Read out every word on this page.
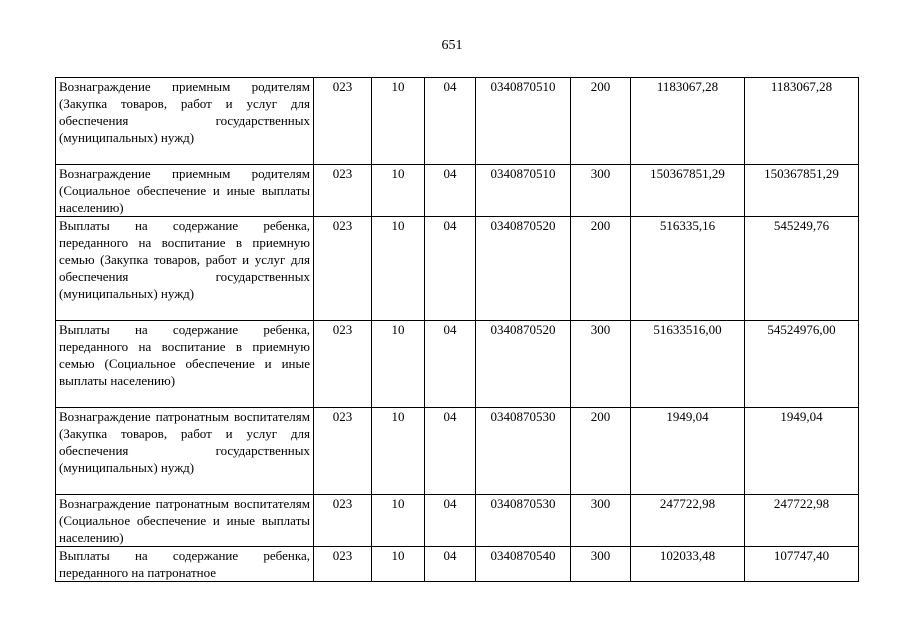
651
Вознаграждение приемным родителям (Закупка товаров, работ и услуг для обеспечения государственных (муниципальных) нужд)	023	10	04	0340870510	200	1183067,28	1183067,28
Вознаграждение приемным родителям (Социальное обеспечение и иные выплаты населению)	023	10	04	0340870510	300	150367851,29	150367851,29
Выплаты на содержание ребенка, переданного на воспитание в приемную семью (Закупка товаров, работ и услуг для обеспечения государственных (муниципальных) нужд)	023	10	04	0340870520	200	516335,16	545249,76
Выплаты на содержание ребенка, переданного на воспитание в приемную семью (Социальное обеспечение и иные выплаты населению)	023	10	04	0340870520	300	51633516,00	54524976,00
Вознаграждение патронатным воспитателям (Закупка товаров, работ и услуг для обеспечения государственных (муниципальных) нужд)	023	10	04	0340870530	200	1949,04	1949,04
Вознаграждение патронатным воспитателям (Социальное обеспечение и иные выплаты населению)	023	10	04	0340870530	300	247722,98	247722,98
Выплаты на содержание ребенка, переданного на патронатное	023	10	04	0340870540	300	102033,48	107747,40
